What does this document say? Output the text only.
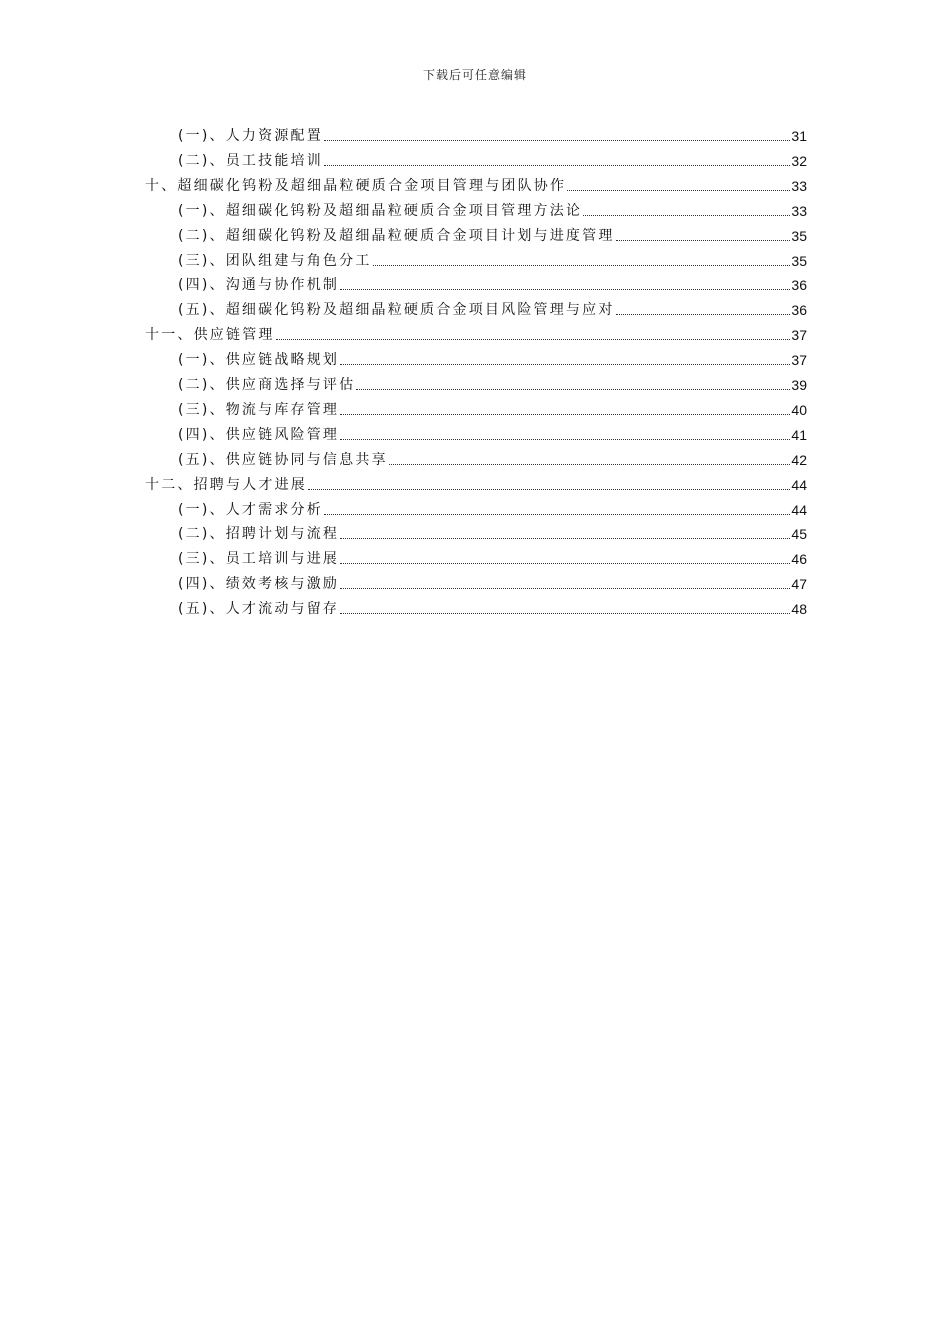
下载后可任意编辑
(一)、人力资源配置	31
(二)、员工技能培训	32
十、超细碳化钨粉及超细晶粒硬质合金项目管理与团队协作	33
(一)、超细碳化钨粉及超细晶粒硬质合金项目管理方法论	33
(二)、超细碳化钨粉及超细晶粒硬质合金项目计划与进度管理	35
(三)、团队组建与角色分工	35
(四)、沟通与协作机制	36
(五)、超细碳化钨粉及超细晶粒硬质合金项目风险管理与应对	36
十一、供应链管理	37
(一)、供应链战略规划	37
(二)、供应商选择与评估	39
(三)、物流与库存管理	40
(四)、供应链风险管理	41
(五)、供应链协同与信息共享	42
十二、招聘与人才进展	44
(一)、人才需求分析	44
(二)、招聘计划与流程	45
(三)、员工培训与进展	46
(四)、绩效考核与激励	47
(五)、人才流动与留存	48
